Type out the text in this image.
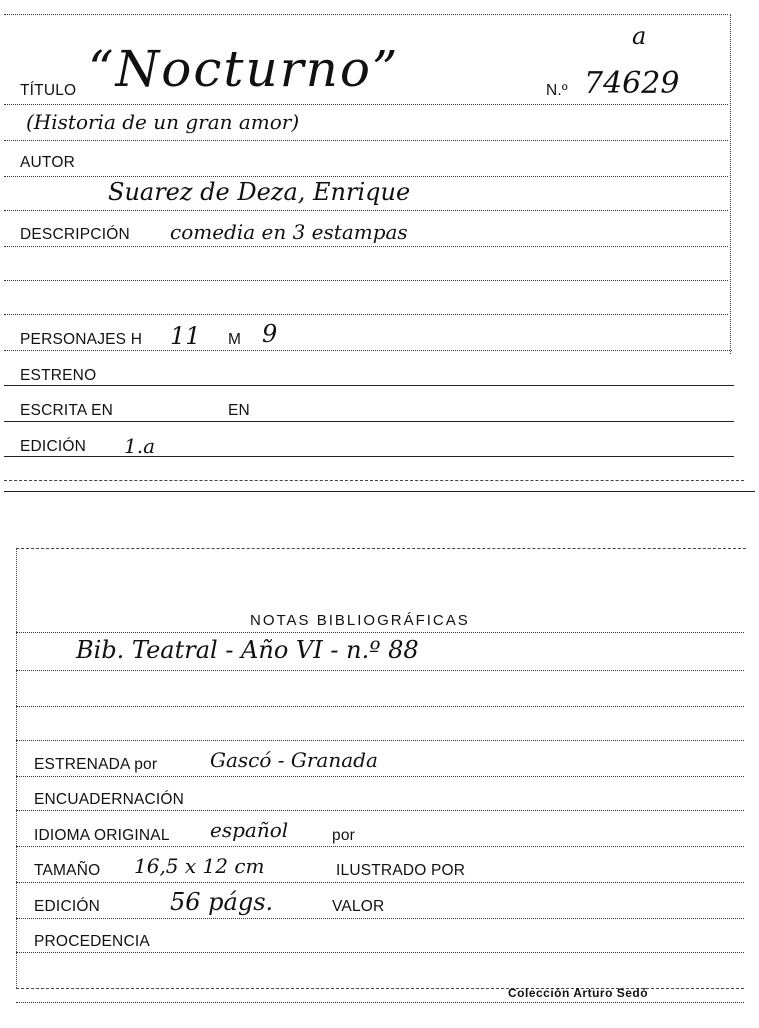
TÍTULO “Nocturno”	N.º 74629
a
(Historia de un gran amor)
AUTOR
Suarez de Deza, Enrique
DESCRIPCIÓN comedia en 3 estampas
PERSONAJES H 11 M 9
ESTRENO
ESCRITA EN	EN
EDICIÓN 1.a
NOTAS BIBLIOGRÁFICAS
Bib. Teatral - Año VI - n.º 88
ESTRENADA por	Gascó - Granada
ENCUADERNACIÓN
IDIOMA ORIGINAL español	por
TAMAÑO 16,5 x 12 cm	ILUSTRADO POR
EDICIÓN	56 págs.	VALOR
PROCEDENCIA
Colección Arturo Sedó
